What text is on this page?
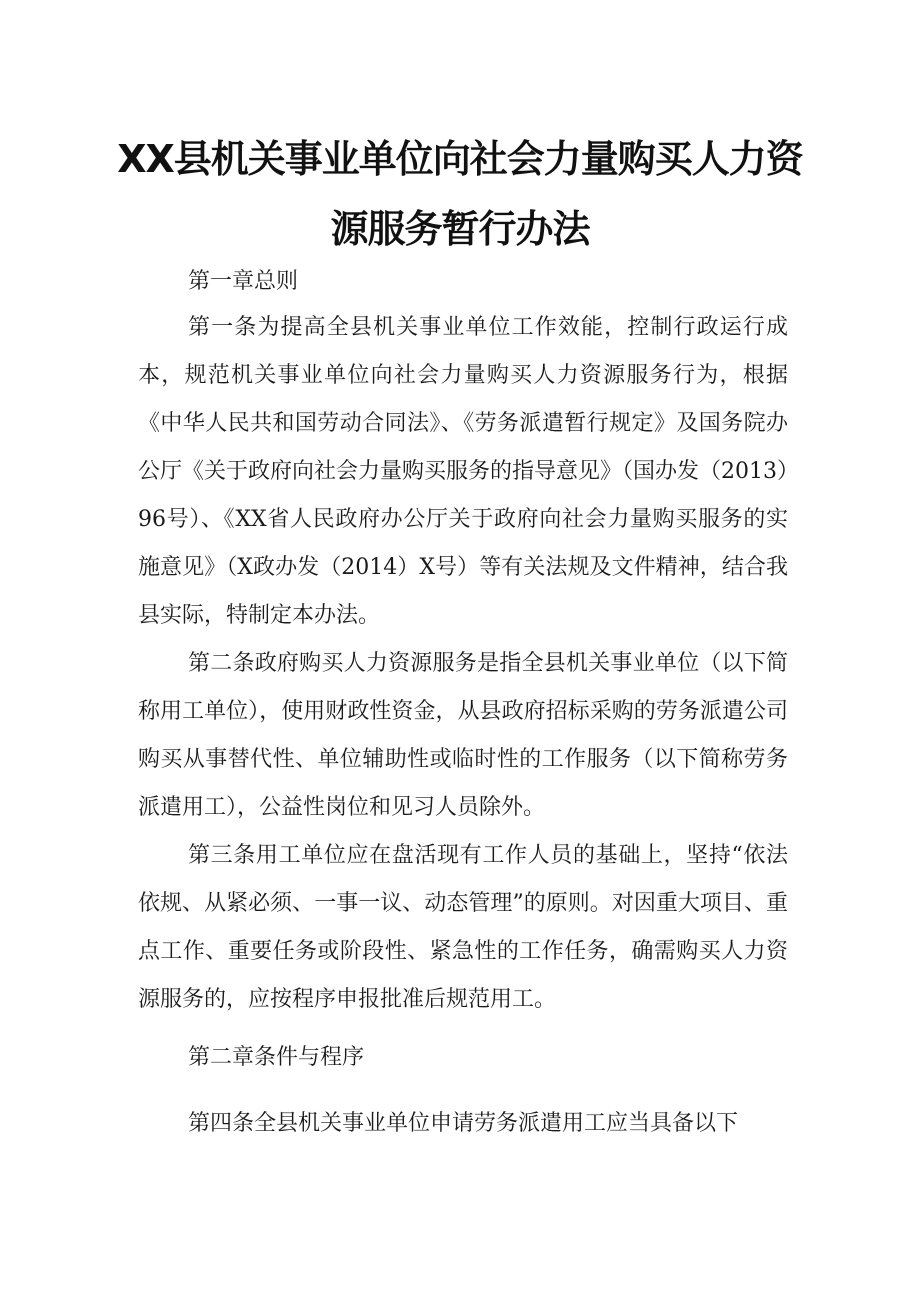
XX县机关事业单位向社会力量购买人力资
源服务暂行办法

第一章总则

第一条为提高全县机关事业单位工作效能，控制行政运行成本，规范机关事业单位向社会力量购买人力资源服务行为，根据《中华人民共和国劳动合同法》、《劳务派遣暂行规定》及国务院办公厅《关于政府向社会力量购买服务的指导意见》（国办发（2013）96号）、《XX省人民政府办公厅关于政府向社会力量购买服务的实施意见》（X政办发（2014）X号）等有关法规及文件精神，结合我县实际，特制定本办法。

第二条政府购买人力资源服务是指全县机关事业单位（以下简称用工单位），使用财政性资金，从县政府招标采购的劳务派遣公司购买从事替代性、单位辅助性或临时性的工作服务（以下简称劳务派遣用工），公益性岗位和见习人员除外。

第三条用工单位应在盘活现有工作人员的基础上，坚持“依法依规、从紧必须、一事一议、动态管理”的原则。对因重大项目、重点工作、重要任务或阶段性、紧急性的工作任务，确需购买人力资源服务的，应按程序申报批准后规范用工。

第二章条件与程序

第四条全县机关事业单位申请劳务派遣用工应当具备以下
